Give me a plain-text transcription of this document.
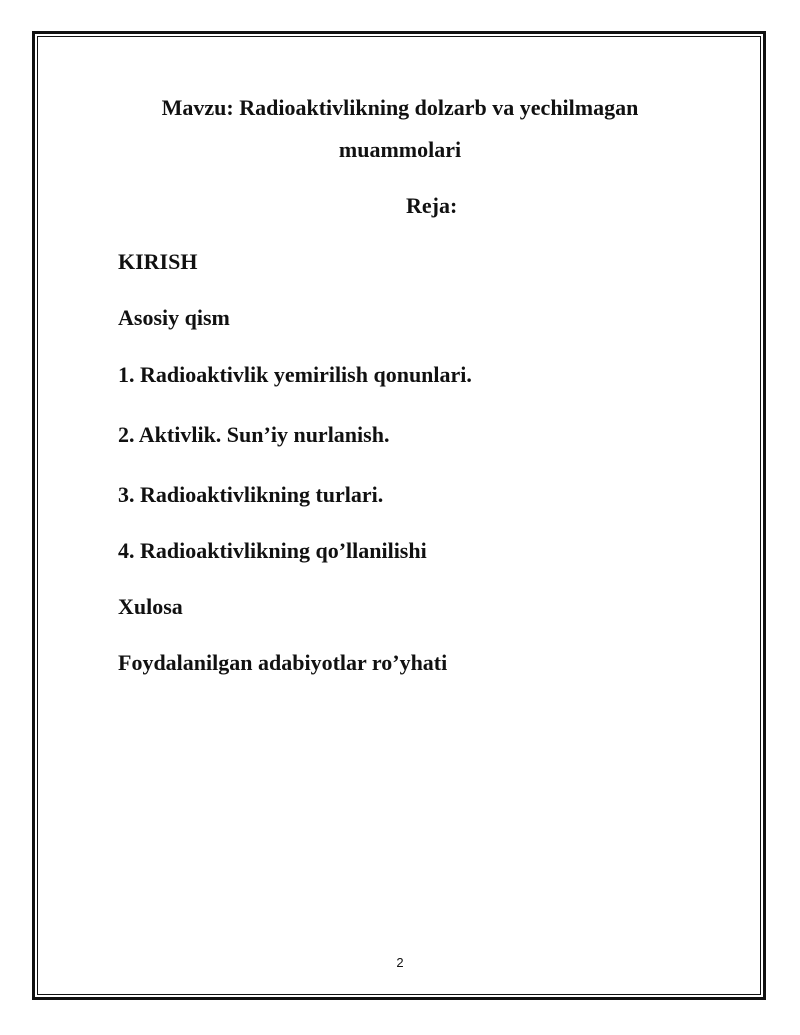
Mavzu: Radioaktivlikning dolzarb va yechilmagan
muammolari
Reja:
KIRISH
Asosiy qism
1. Radioaktivlik yemirilish qonunlari.
2. Aktivlik. Sun’iy nurlanish.
3. Radioaktivlikning turlari.
4. Radioaktivlikning qo’llanilishi
Xulosa
Foydalanilgan adabiyotlar ro’yhati
2
